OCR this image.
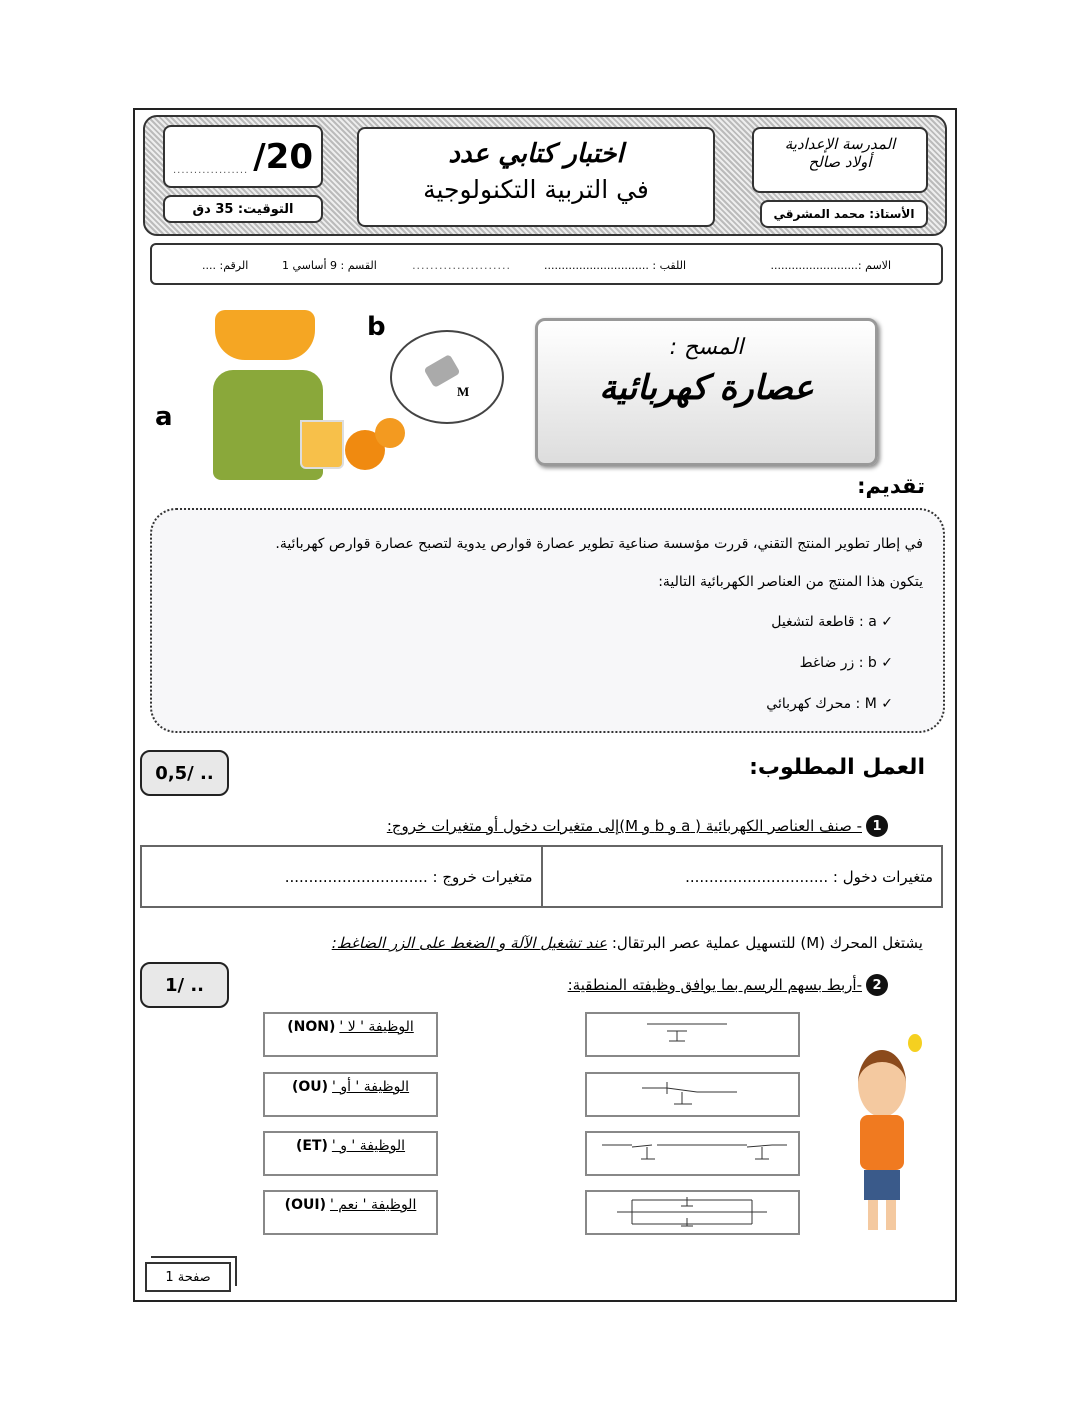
.................. /20
التوقيت: 35 دق
اختبار كتابي عدد
في التربية التكنولوجية
المدرسة الإعدادية
أولاد صالح
الأستاذ: محمد المشرقي
الاسم :.........................
اللقب : ..............................
......................
القسم : 9 أساسي 1
الرقم: ....
M
b
a
المسح :
عصارة كهربائية
تقديم:
في إطار تطوير المنتج التقني، قررت مؤسسة صناعية تطوير عصارة قوارص يدوية لتصبح عصارة قوارص كهربائية.
يتكون هذا المنتج من العناصر الكهربائية التالية:
✓ a : قاطعة لتشغيل
✓ b : زر ضاغط
✓ M : محرك كهربائي
0,5/ ..	العمل المطلوب:
1
- صنف العناصر الكهربائية ( a و b و M)إلى متغيرات دخول أو متغيرات خروج:
متغيرات دخول : ..............................
متغيرات خروج : ..............................
يشتغل المحرك (M) للتسهيل عملية عصر البرتقال: عند تشغيل الآلة و الضغط على الزر الضاغط:
1/ ..	2
-أربط بسهم الرسم بما يوافق وظيفته المنطقية:
الوظيفة ' لا '
(NON)
الوظيفة ' أو '
(OU)
الوظيفة ' و '
(ET)
الوظيفة ' نعم '
(OUI)
صفحة 1
